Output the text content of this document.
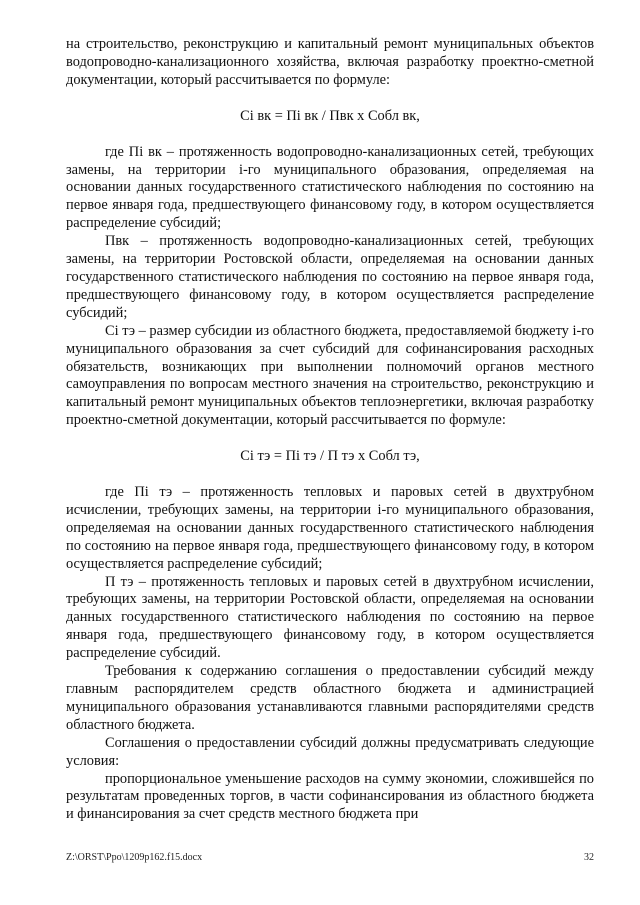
на строительство, реконструкцию и капитальный ремонт муниципальных объектов водопроводно-канализационного хозяйства, включая разработку проектно-сметной документации, который рассчитывается по формуле:

Сі вк = Пі вк / Пвк х Собл вк,

где Пі вк – протяженность водопроводно-канализационных сетей, требующих замены, на территории і-го муниципального образования, определяемая на основании данных государственного статистического наблюдения по состоянию на первое января года, предшествующего финансовому году, в котором осуществляется распределение субсидий;

Пвк – протяженность водопроводно-канализационных сетей, требующих замены, на территории Ростовской области, определяемая на основании данных государственного статистического наблюдения по состоянию на первое января года, предшествующего финансовому году, в котором осуществляется распределение субсидий;

Сі тэ – размер субсидии из областного бюджета, предоставляемой бюджету і-го муниципального образования за счет субсидий для софинансирования расходных обязательств, возникающих при выполнении полномочий органов местного самоуправления по вопросам местного значения на строительство, реконструкцию и капитальный ремонт муниципальных объектов теплоэнергетики, включая разработку проектно-сметной документации, который рассчитывается по формуле:

Сі тэ = Пі тэ / П тэ х Собл тэ,

где Пі тэ – протяженность тепловых и паровых сетей в двухтрубном исчислении, требующих замены, на территории і-го муниципального образования, определяемая на основании данных государственного статистического наблюдения по состоянию на первое января года, предшествующего финансовому году, в котором осуществляется распределение субсидий;

П тэ – протяженность тепловых и паровых сетей в двухтрубном исчислении, требующих замены, на территории Ростовской области, определяемая на основании данных государственного статистического наблюдения по состоянию на первое января года, предшествующего финансовому году, в котором осуществляется распределение субсидий.

Требования к содержанию соглашения о предоставлении субсидий между главным распорядителем средств областного бюджета и администрацией муниципального образования устанавливаются главными распорядителями средств областного бюджета.

Соглашения о предоставлении субсидий должны предусматривать следующие условия:

пропорциональное уменьшение расходов на сумму экономии, сложившейся по результатам проведенных торгов, в части софинансирования из областного бюджета и финансирования за счет средств местного бюджета при

Z:\ORST\Ppo\1209p162.f15.docx	32
